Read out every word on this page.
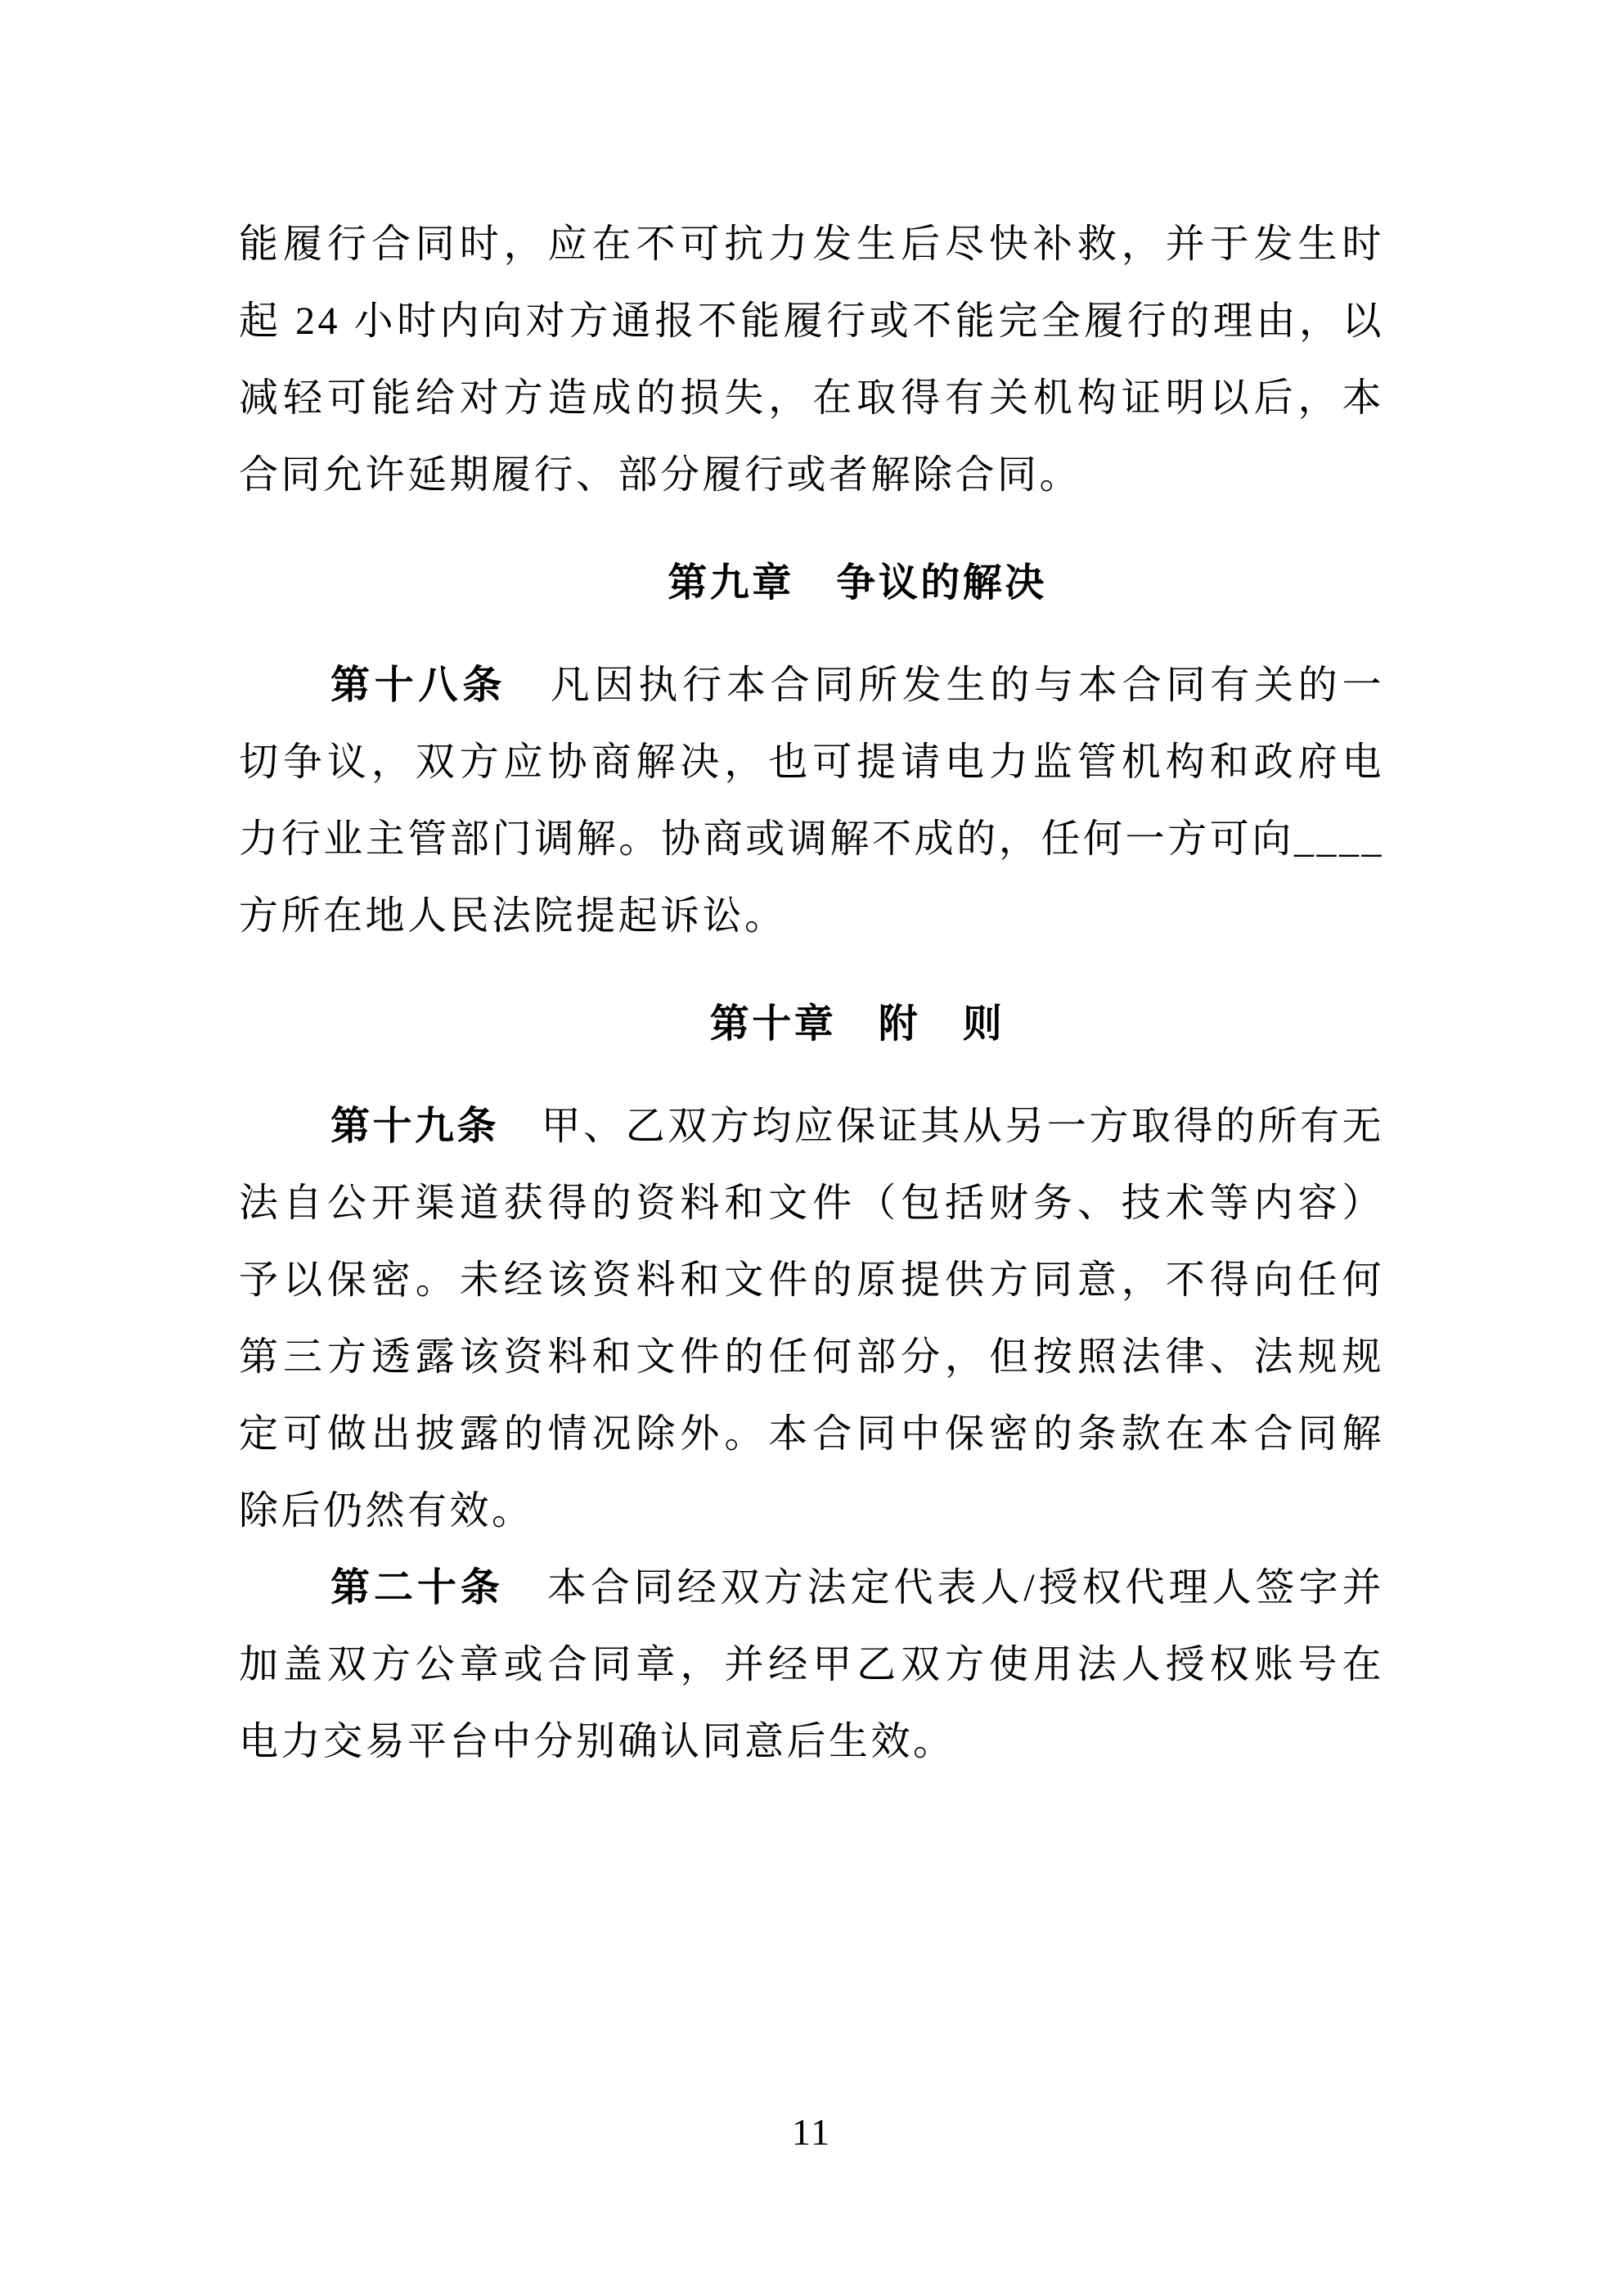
能履行合同时，应在不可抗力发生后尽快补救，并于发生时
起 24 小时内向对方通报不能履行或不能完全履行的理由，以
减轻可能给对方造成的损失，在取得有关机构证明以后，本
合同允许延期履行、部分履行或者解除合同。
第九章　争议的解决
第十八条　凡因执行本合同所发生的与本合同有关的一
切争议，双方应协商解决，也可提请电力监管机构和政府电
力行业主管部门调解。协商或调解不成的，任何一方可向____
方所在地人民法院提起诉讼。
第十章　附　则
第十九条　甲、乙双方均应保证其从另一方取得的所有无
法自公开渠道获得的资料和文件（包括财务、技术等内容）
予以保密。未经该资料和文件的原提供方同意，不得向任何
第三方透露该资料和文件的任何部分，但按照法律、法规规
定可做出披露的情况除外。本合同中保密的条款在本合同解
除后仍然有效。
第二十条　本合同经双方法定代表人/授权代理人签字并
加盖双方公章或合同章，并经甲乙双方使用法人授权账号在
电力交易平台中分别确认同意后生效。
11
